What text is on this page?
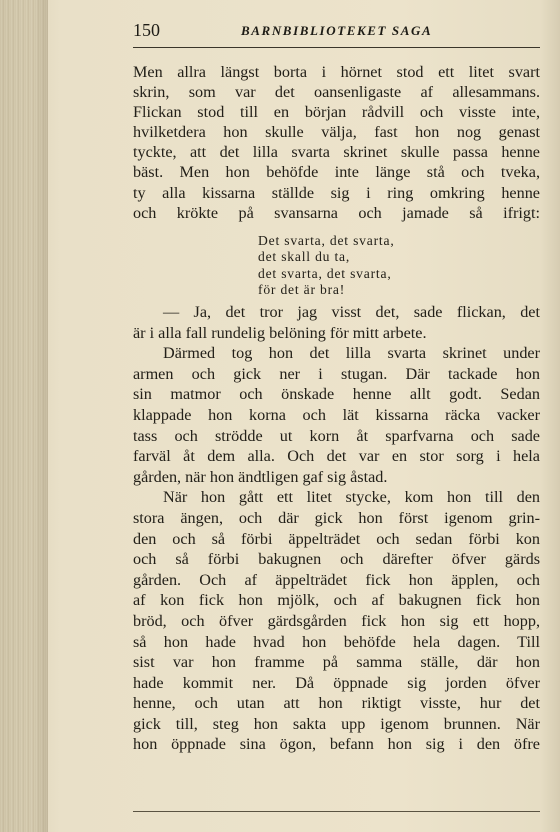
150	BARNBIBLIOTEKET SAGA
Men allra längst borta i hörnet stod ett litet svart
skrin, som var det oansenligaste af allesammans.
Flickan stod till en början rådvill och visste inte,
hvilketdera hon skulle välja, fast hon nog genast
tyckte, att det lilla svarta skrinet skulle passa henne
bäst. Men hon behöfde inte länge stå och tveka,
ty alla kissarna ställde sig i ring omkring henne
och krökte på svansarna och jamade så ifrigt:
Det svarta, det svarta,
det skall du ta,
det svarta, det svarta,
för det är bra!
— Ja, det tror jag visst det, sade flickan, det
är i alla fall rundelig belöning för mitt arbete.
Därmed tog hon det lilla svarta skrinet under
armen och gick ner i stugan. Där tackade hon
sin matmor och önskade henne allt godt. Sedan
klappade hon korna och lät kissarna räcka vacker
tass och strödde ut korn åt sparfvarna och sade
farväl åt dem alla. Och det var en stor sorg i hela
gården, när hon ändtligen gaf sig åstad.
När hon gått ett litet stycke, kom hon till den
stora ängen, och där gick hon först igenom grin-
den och så förbi äppelträdet och sedan förbi kon
och så förbi bakugnen och därefter öfver gärds
gården. Och af äppelträdet fick hon äpplen, och
af kon fick hon mjölk, och af bakugnen fick hon
bröd, och öfver gärdsgården fick hon sig ett hopp,
så hon hade hvad hon behöfde hela dagen. Till
sist var hon framme på samma ställe, där hon
hade kommit ner. Då öppnade sig jorden öfver
henne, och utan att hon riktigt visste, hur det
gick till, steg hon sakta upp igenom brunnen. När
hon öppnade sina ögon, befann hon sig i den öfre
